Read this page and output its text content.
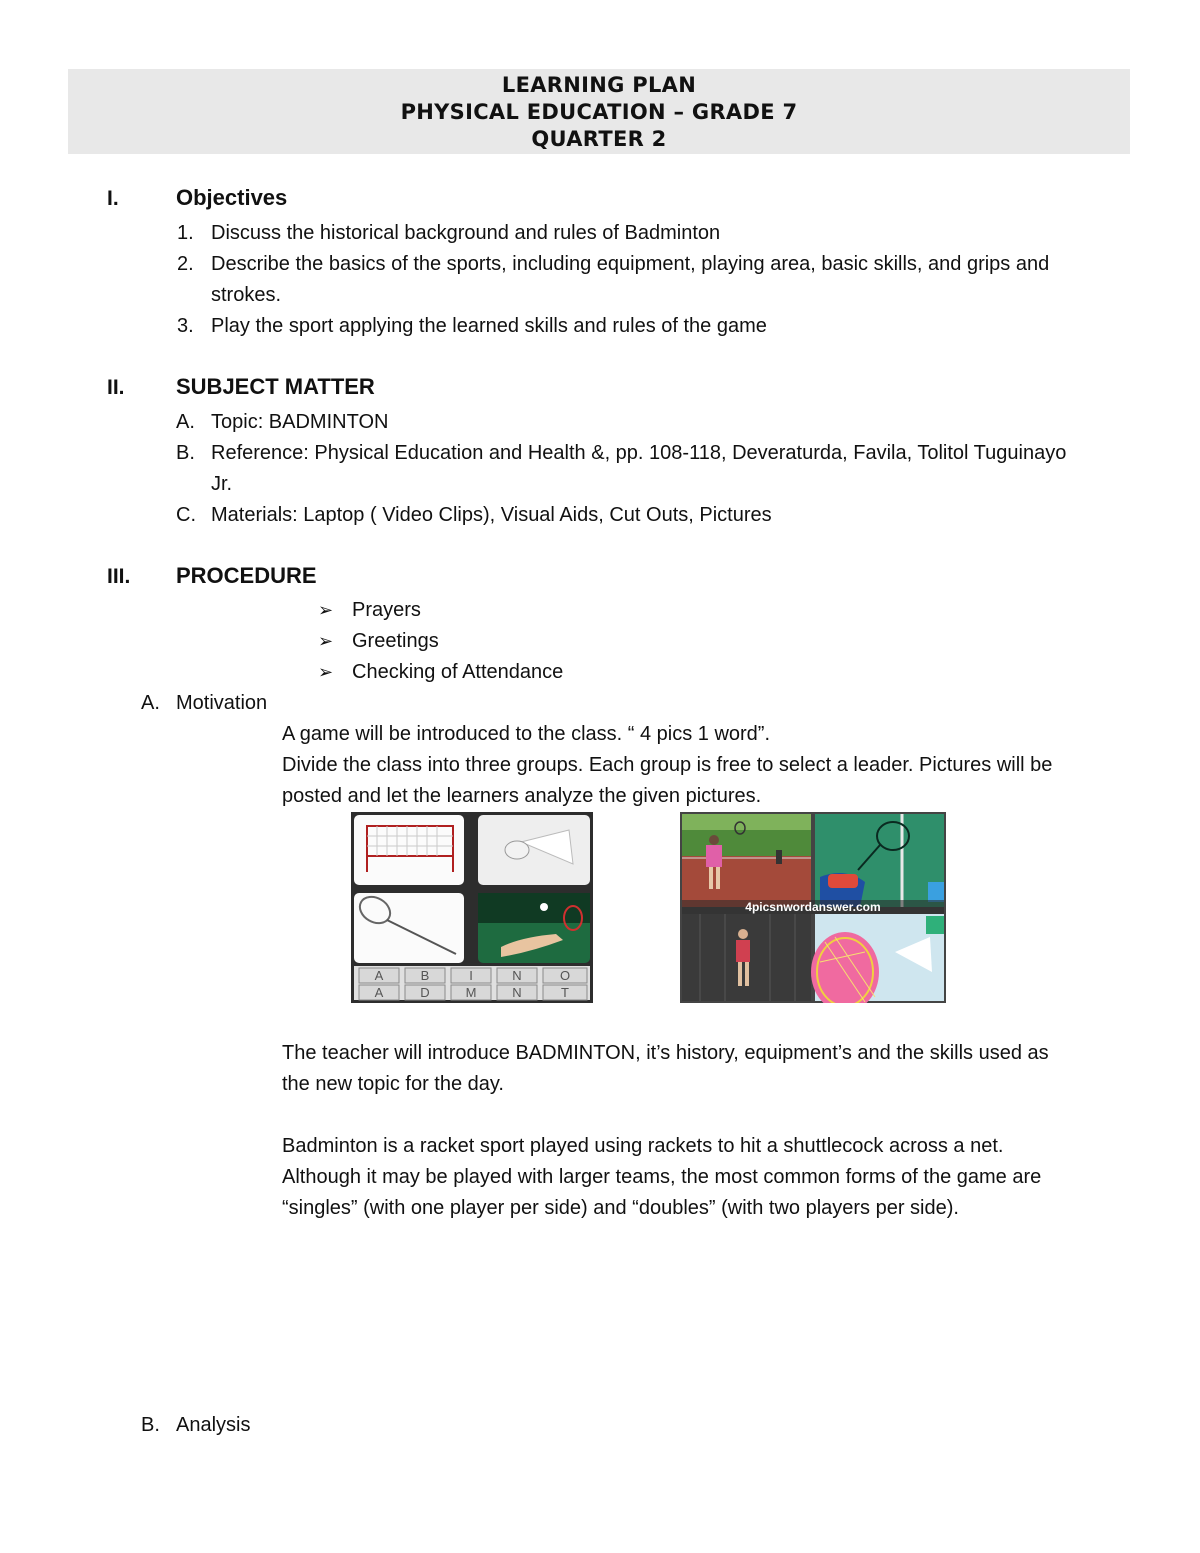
LEARNING PLAN
PHYSICAL EDUCATION – GRADE 7
QUARTER 2
I.	Objectives
1. Discuss the historical background and rules of Badminton
2. Describe the basics of the sports, including equipment, playing area, basic skills, and grips and
strokes.
3. Play the sport applying the learned skills and rules of the game
II. SUBJECT MATTER
A. Topic: BADMINTON
B. Reference: Physical Education and Health &, pp. 108-118, Deveraturda, Favila, Tolitol Tuguinayo
Jr.
C. Materials: Laptop ( Video Clips), Visual Aids, Cut Outs, Pictures
III. PROCEDURE
➢ Prayers
➢ Greetings
➢ Checking of Attendance
A. Motivation
A game will be introduced to the class. “ 4 pics 1 word”.
Divide the class into three groups. Each group is free to select a leader. Pictures will be
posted and let the learners analyze the given pictures.
A	B	I	N	O
A	D	M	N	T
4picsnwordanswer.com
The teacher will introduce BADMINTON, it’s history, equipment’s and the skills used as
the new topic for the day.
Badminton is a racket sport played using rackets to hit a shuttlecock across a net.
Although it may be played with larger teams, the most common forms of the game are
“singles” (with one player per side) and “doubles” (with two players per side).
B. Analysis
